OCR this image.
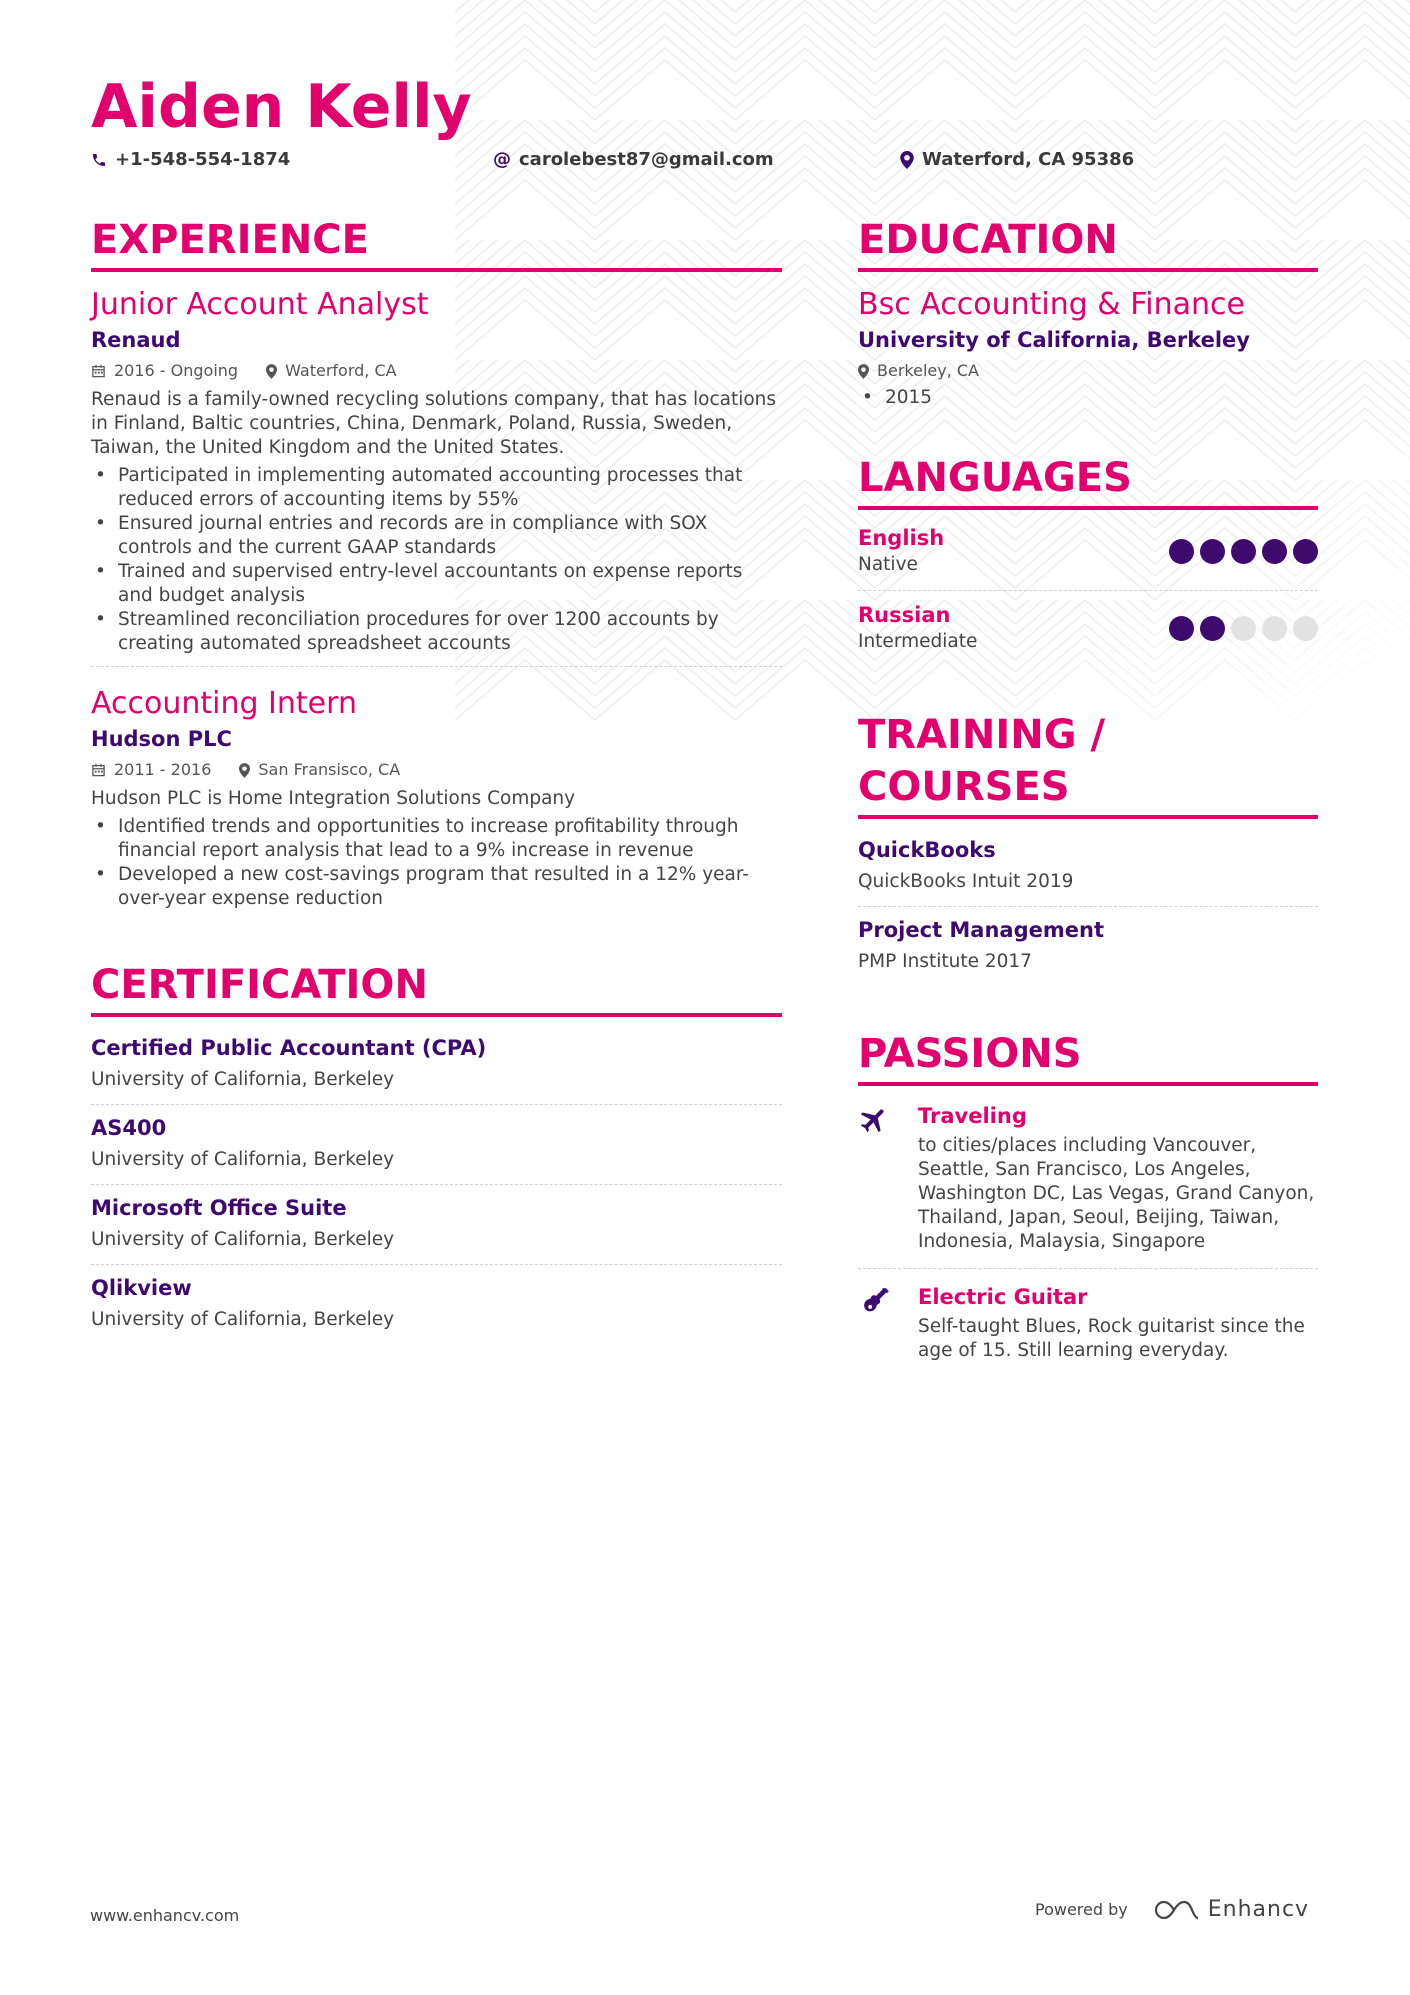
Aiden Kelly
+1-548-554-1874	@ carolebest87@gmail.com	Waterford, CA 95386
EXPERIENCE
Junior Account Analyst
Renaud
2016 - Ongoing	Waterford, CA
Renaud is a family-owned recycling solutions company, that has locations in Finland, Baltic countries, China, Denmark, Poland, Russia, Sweden, Taiwan, the United Kingdom and the United States.
• Participated in implementing automated accounting processes that reduced errors of accounting items by 55%
• Ensured journal entries and records are in compliance with SOX controls and the current GAAP standards
• Trained and supervised entry-level accountants on expense reports and budget analysis
• Streamlined reconciliation procedures for over 1200 accounts by creating automated spreadsheet accounts
Accounting Intern
Hudson PLC
2011 - 2016	San Fransisco, CA
Hudson PLC is Home Integration Solutions Company
• Identified trends and opportunities to increase profitability through financial report analysis that lead to a 9% increase in revenue
• Developed a new cost-savings program that resulted in a 12% year-over-year expense reduction
CERTIFICATION
Certified Public Accountant (CPA)
University of California, Berkeley
AS400
University of California, Berkeley
Microsoft Office Suite
University of California, Berkeley
Qlikview
University of California, Berkeley
EDUCATION
Bsc Accounting & Finance
University of California, Berkeley
Berkeley, CA
• 2015
LANGUAGES
English
Native
Russian
Intermediate
TRAINING / COURSES
QuickBooks
QuickBooks Intuit 2019
Project Management
PMP Institute 2017
PASSIONS
Traveling
to cities/places including Vancouver, Seattle, San Francisco, Los Angeles, Washington DC, Las Vegas, Grand Canyon, Thailand, Japan, Seoul, Beijing, Taiwan, Indonesia, Malaysia, Singapore
Electric Guitar
Self-taught Blues, Rock guitarist since the age of 15. Still learning everyday.
www.enhancv.com	Powered by	Enhancv
